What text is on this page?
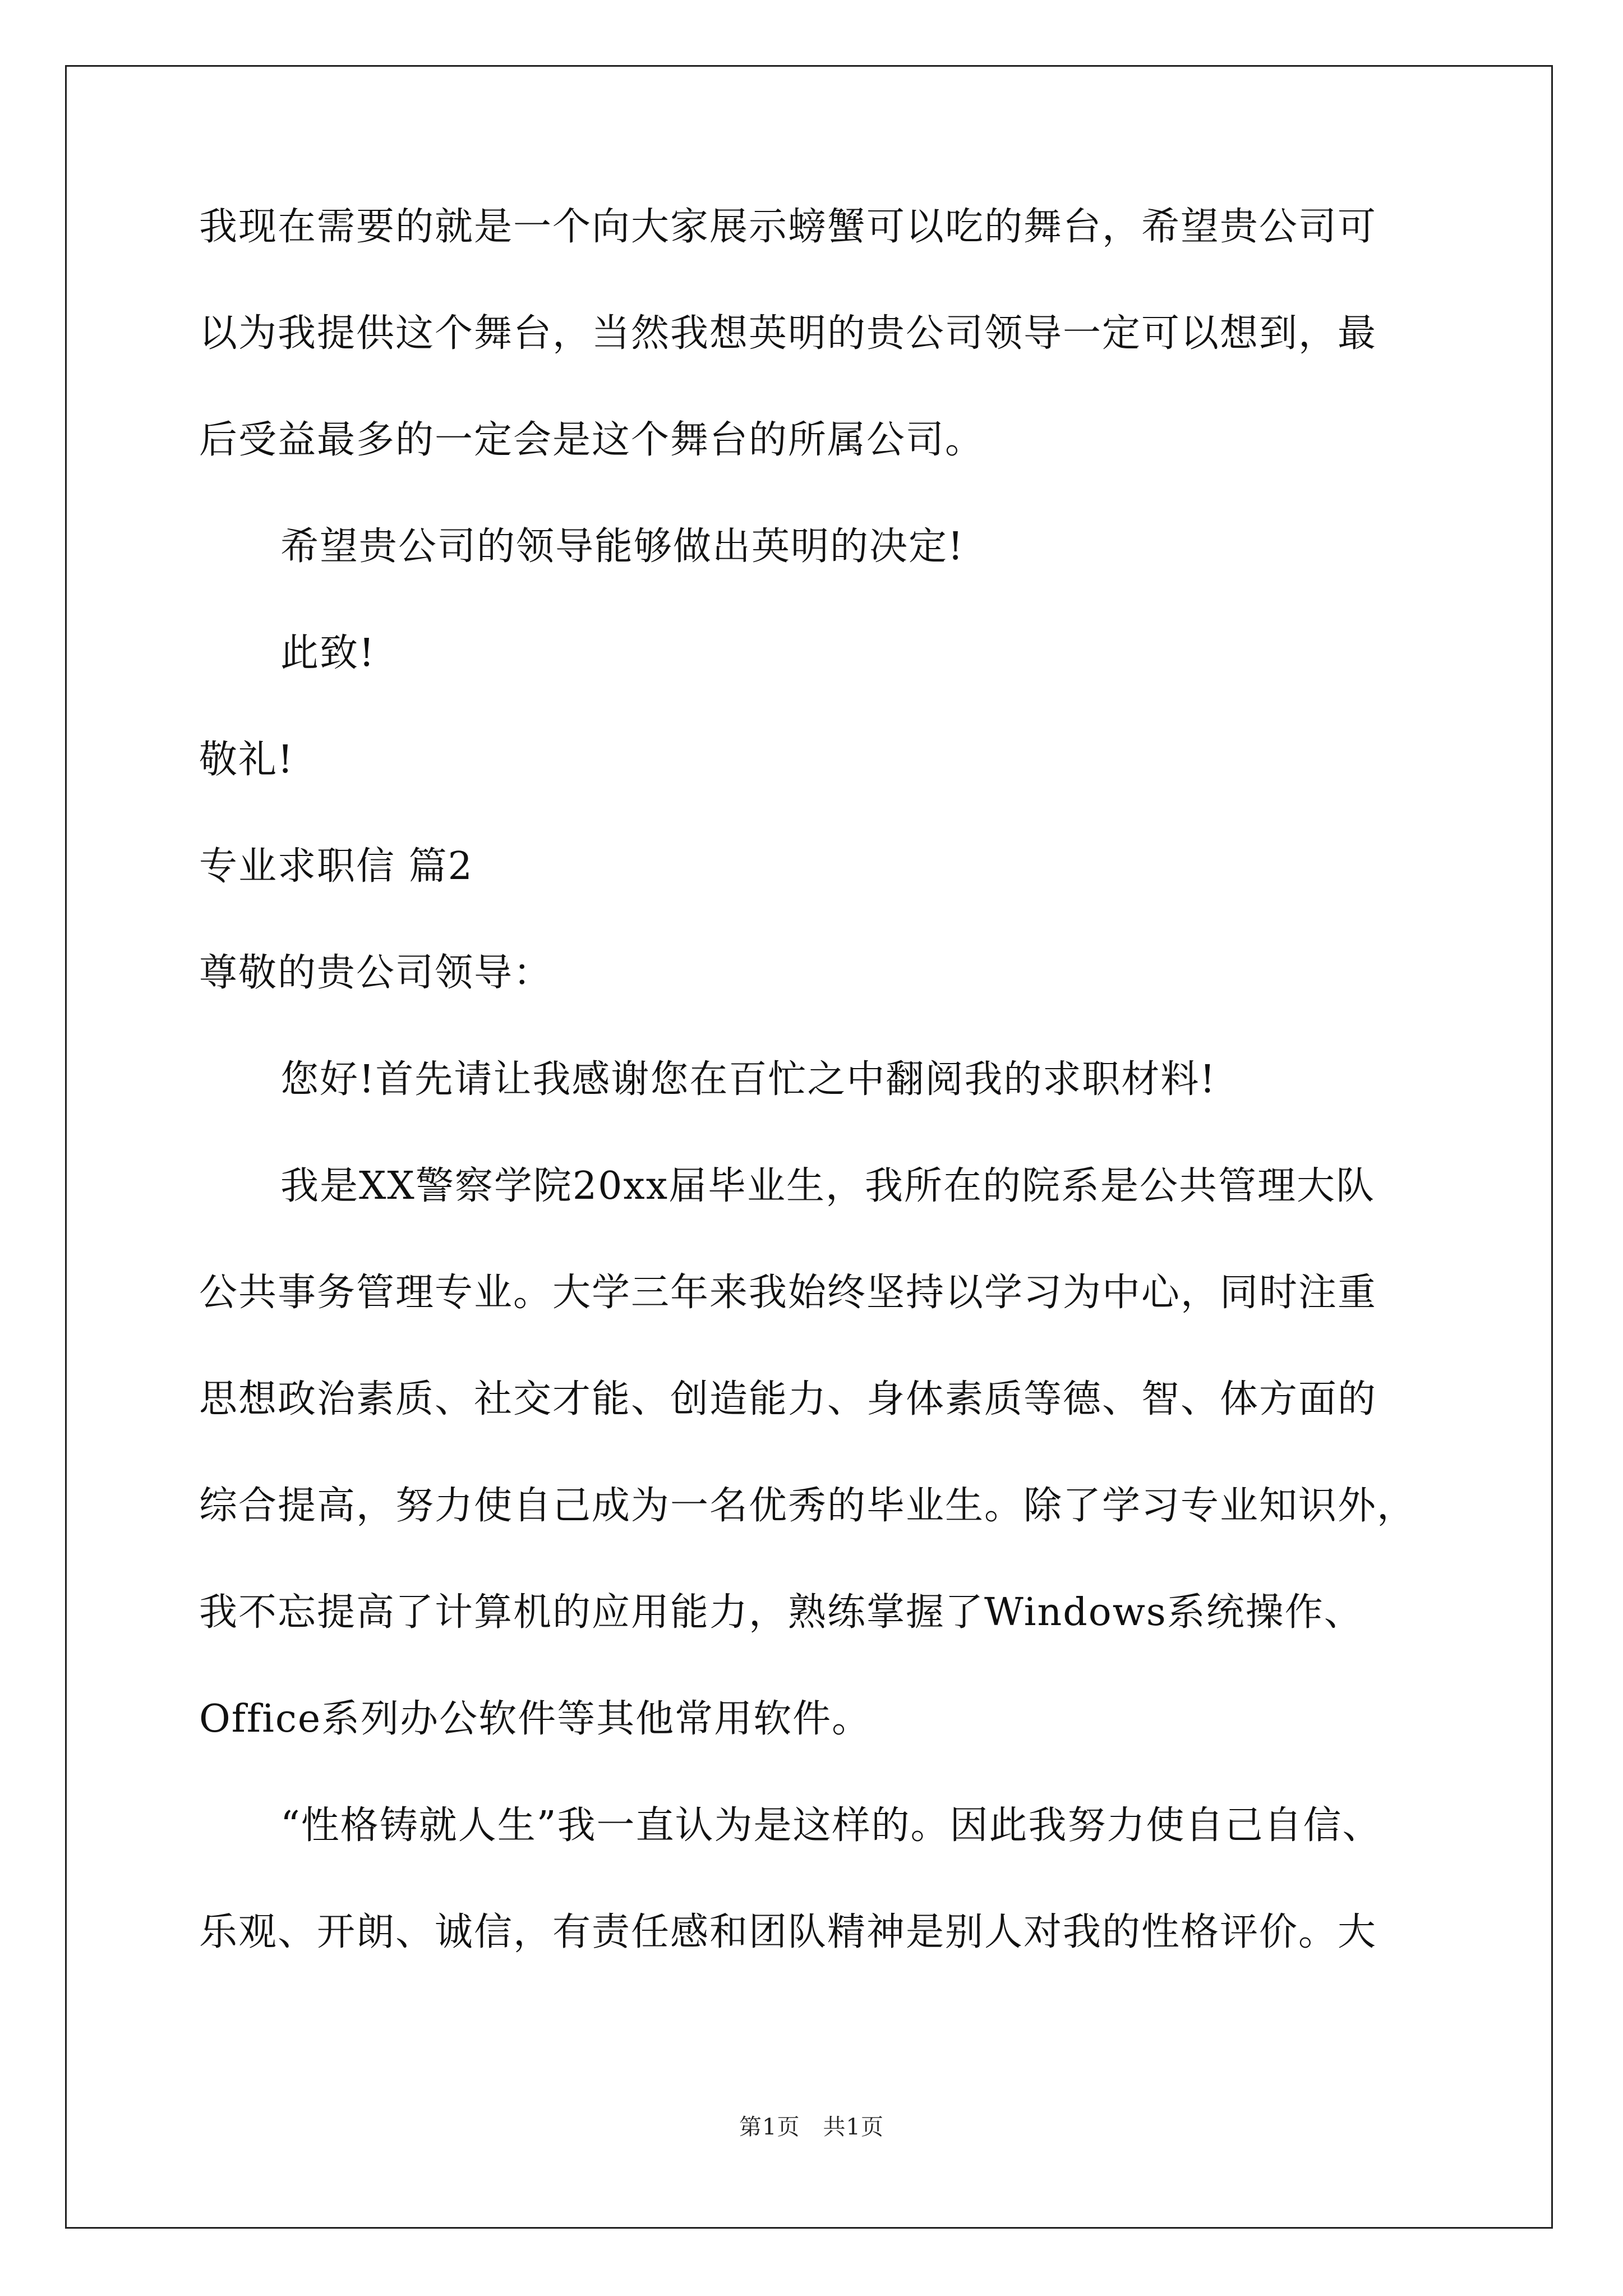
我现在需要的就是一个向大家展示螃蟹可以吃的舞台，希望贵公司可
以为我提供这个舞台，当然我想英明的贵公司领导一定可以想到，最
后受益最多的一定会是这个舞台的所属公司。
希望贵公司的领导能够做出英明的决定!
此致!
敬礼!
专业求职信 篇2
尊敬的贵公司领导：
您好!首先请让我感谢您在百忙之中翻阅我的求职材料!
我是XX警察学院20xx届毕业生，我所在的院系是公共管理大队
公共事务管理专业。大学三年来我始终坚持以学习为中心，同时注重
思想政治素质、社交才能、创造能力、身体素质等德、智、体方面的
综合提高，努力使自己成为一名优秀的毕业生。除了学习专业知识外，
我不忘提高了计算机的应用能力，熟练掌握了Windows系统操作、
Office系列办公软件等其他常用软件。
“性格铸就人生”我一直认为是这样的。因此我努力使自己自信、
乐观、开朗、诚信，有责任感和团队精神是别人对我的性格评价。大
第1页　共1页
